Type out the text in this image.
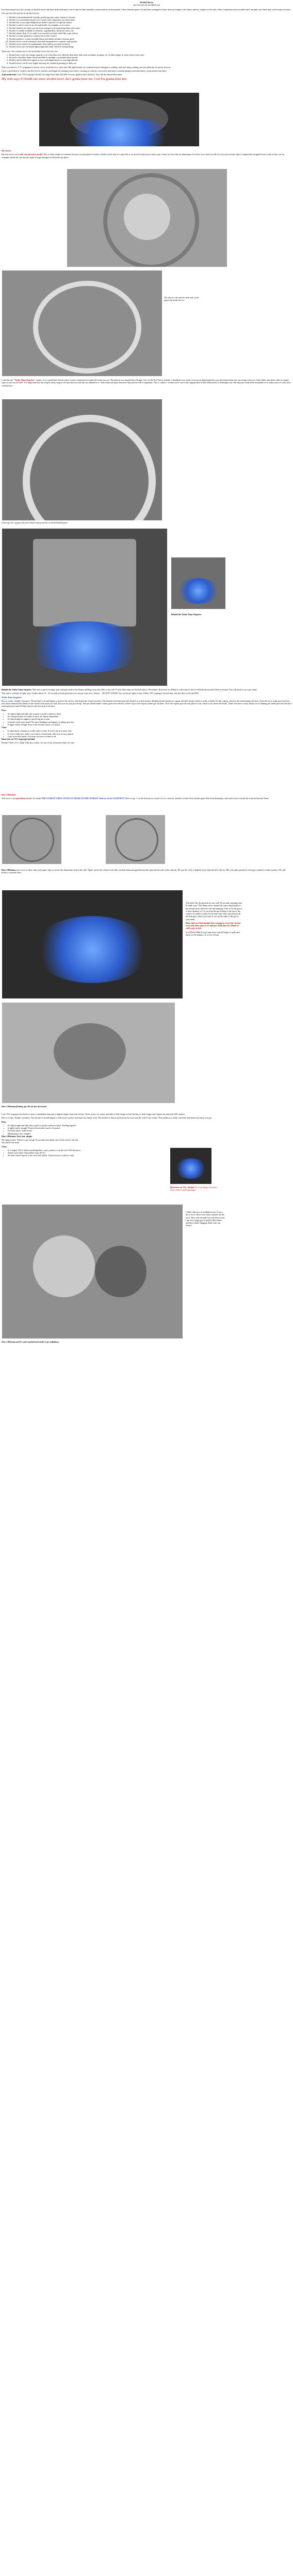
Alcohol Stoves
An Overview by Ian MacLeod

I've been turned on to the concept of alcohol stoves and have dedicated quite a bit of time to them and their construction in recent months. I have listened quite a lot and have managed to learn from my fingers a few times and my critique on the ones. Only 2 explosions have resulted and I am quite sure there may yet be many in future.

Let's get into the reasons for alcohol stoves:

1. Alcohol is environmentally friendly, producing only water vapour as it burns.
2. Alcohol is a renewable resource as it comes from vegetation, not fossil fuels.
3. Alcohol has a very high flashpoint (it doesn't vaporize or explode easily).
4. Alcohol is safe to carry in an old soda bottle, for example, as it is inert.
5. Alcohol (fumes) are easily put out in an emergency by quenching them with water.
6. Alcohol is readily available at chemists, supermarkets, hardware stores, etc.
7. Alcohol doesn't drip. If you spill it on yourself you don't smell like a gas station.
8. Alcohol is easily ignited to a surface burn with a match.
9. Alcohol produces a clean invisible flame and doesn't produce noxious gases.
10. Alcohol stoves can be extremely easy and inexpensive to construct and operate.
11. Alcohol stoves tend to be maintenance free (unless you tread on them)
12. Alcohol stoves are extremely lightweight and small. Ideal for backpacking.

There are a few reasons not to use an alcohol stove, but very few:

1. Alcohol has a very low energy capacity so it is therefore less efficient than other fuels such as butane, propane, etc. It takes longer to cook food or boil water.
2. Alcohol's clear blue flame can be invisible in daylight, a potential safety hazard.
3. Alcohol can be difficult to ignite in very cold temperatures or very high altitude.
4. Alcohol stoves can be very fragile and may be crushed in packing or daily use.

There you have it. A 3:1 argument in favour of use of alcohol as a stove fuel. My applications are centered toward emergency cooking, trail and camp cooking, and just plain fun for picnic fires etc.

I give a good deal of credit to the Zen Stoves website, and began my learning curve there, carrying on with my own twists and turns to mental imagery and tomfoolery construction from there.

A personal note: I use 75% isopropyl alcohol for longer burn time and 90% for easy ignition and a flat boil. Very hot but shorter burn time.

My wife says if I build one more alcohol stove she's gonna have me. God I'm gonna miss her.

My Stoves

My first stove was a side vent pressure model. This is fairly simple to construct because you just punch a bunch of holes in the side of a tuna fish or cat food tin and you're ready to go. I must say here that an aluminium tin is best, but a steel tin will do if you put an inner liner of aluminium (stripped from a soda or beer can for example) inside the can and just make it large enough to hold itself into place.

The slits are all with the wide side of the paperclip inside the tin.

I call this my "Turbo Tuna Surprise" cooker. It is a small tuna fish tin where I used a stud punch to make the holes you see. The pattern was inspired by a design I saw on the Zen Stoves website. I installed a two stripe cut from an aluminium beer can and joined them into one using a slit join. I then fold it into place with two paper clips as you can see here. It is important that this strip be fairly snug to the tuna fish tin wall, but not adhered to it. That miniscule space between strip and tin wall is important. This is called a "wicked wick" and is the original idea of Don Elderbrook at donsmaps.com. His help has really been invaluable in so many areas of cook stove construction.

Close-up view of paperclip and virtual wick positions on TurboTunaSurprise

Behold the Turbo Tuna Surprise.

Behold the Turbo Tuna Surprise. This unit is great for larger pots and pans (notice the flames spilling across the sides of my own 6" pot). Burn time on 35ml alcohol is 18 minutes. Boil time for 250ml of cold water is 3rd. It will hold about hold 45ml of alcohol. You will need to use a pot stand.

This unit is a beauty in light, easy. It takes about 10 – 45 seconds to heat up before you can put a pot on it. Notice… NO POT STAND. You set the pot right on top. It likes 75% isopropyl alcohol best, but also does well with 90%.

Turbo Tuna Surprise:

How it works: Simple, I promise. The alcohol is lit and begins to boil on the surface which gets the virtual wick hot. The heated wick then heats the alcohol so it boil quicker. Boiling alcohol produces vapour (alcohol steam) which is really volatile. It's this vapour which is the real burning fuel here. Once the tin is really good and hot (less than a minute) the flames in the virtual wick push you well, and you set your pot on top. The pot should make a fairly good seal with the cooker's lip so the vapour cannot get out there. Now the vapour gets the only place it can, which is out those side holes. Voila! You have a nasty robust set of flaming jets under pressure (alcohol steam pressure) and it'll burn down to the last drop of alcohol.

Pros:

• It's lightweight and slips into a pack or pocket without a hitch.
• It's strong because it's made of steel, not flimsy aluminium.
• It's big enough to support a pretty big pot or pan.
• It doesn't need a pot stand! No more bending coat hangers or piling up rocks.
• It lights easily enough. Pour in the alcohol, touch a lit match.

Cons:

• It takes about a minute to really come to heat. If you're not in a hurry, fine.
• It is hot, really hot, and if you want to control heat, that's not an easy option.
• Can't store fuel inside. You must recover it or burn it all.

Runs best on 75% isopropyl alcohol.

Doodle! That's 5:2. I think I like this cooker. It's one of my favourites, that's for sure.

Don's Dilemma

This stove is an open flame model. No doubt THE EASIEST TRUE STOVE TO MAKE IN THE WORLD! And one of the LIGHTEST! Here we go: I cut the bottom two inches off of a soda tin. Install a virtual wick (thanks again Don from donsmaps.com) and secure it inside the soda tin bottom. Done!

Don's Dilemma uses a two or three strip style paper clips to secure the aluminium strip to the side. Again, notice the virtual wick relies on that miniscule gap between the strip and the side of the soda tin. Be sure the wick is slightly lower than the lid of the tin. My wife quite painted it with gray enamel to make it pretty. Oh well. Pretty is as pretty does.

This baby hits the ground at a run with 10 seconds warming time. It really roars! The flame traces around the outer ring (thanks to the virtual wick) and we're off and running. I like to set the pot at a close distance of 2-3 cm from the pot bottom to the top of the cooker). It makes a really lovely blue halo effect and insures all the heat goes where you want it, not up the sides of the pot to your hand.

Burn time on 25ml alcohol (just enough to cover the virtual wick and then some) is 13 minutes. Boil time for 250ml of cold water is 4rd.

It will hold 30ml at most (any more and it'll begin to spill) and burns for 20 minutes. It is a lot of heat.

Don's Dilemma floating up a bit of stove for lunch

I use 75% isopropyl alcohol for a more controllable burn and a slightly longer burn time in here. Don't worry, it's cooler and takes a little longer to boil but buys a little longer and I ignite the lunch the 90% makes.

How it works: Simple, I promise. The alcohol is lit and begins to boil on the surface and heats the virtual wick. The alcohol is drawn up between the wick and the wall of the cooker. This produces a really cool blue halo flame and away you go!

Pros:

• It's lightweight and slips into a pack or pocket without a hitch. Nothing lighter!
• It lights easily enough. Pour in the alcohol, touch a lit match.
• Fast boil times, really kicks!
• Maintenance free. Simple!

Don's Dilemma. Fast, hot, simple.

My opinion here. What's to go wrong? If you take reasonable care of this unit it's the last one you'll ever need.

Cons:

• It is fragile. Put it inside something like a cup to protect it on the trail. Self-destructs.
• Needs a pot stand. Open flame types all do.
• No heat control option. Can't store fuel inside. Gotta recover it which is easy.
Runs best on 75% alcohol It's a tiny thing. Groceries store come in small packages.
I didn't take two on walkabout once I ran a bit of food. There were flask canisters all the trick. They will virtually run with the kit and I am led a huge gap of sparkly blue flame and these flame-hugging flame stays up. Pretty?
Don's Dilemma and it's sister packed and ready to go walkabout
